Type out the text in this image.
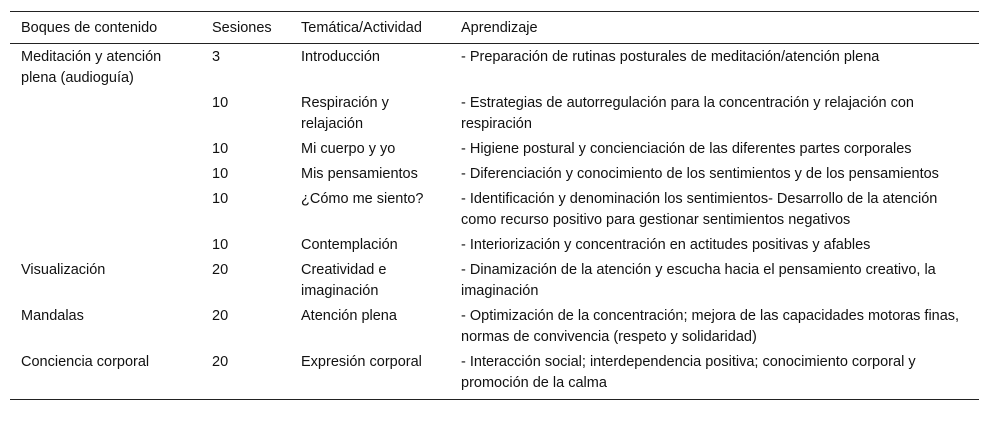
Boques de contenido	Sesiones	Temática/Actividad	Aprendizaje
Meditación y atención plena (audioguía)	3	Introducción	- Preparación de rutinas posturales de meditación/atención plena
	10	Respiración y relajación	- Estrategias de autorregulación para la concentración y relajación con respiración
	10	Mi cuerpo y yo	- Higiene postural y concienciación de las diferentes partes corporales
	10	Mis pensamientos	- Diferenciación y conocimiento de los sentimientos y de los pensamientos
	10	¿Cómo me siento?	- Identificación y denominación los sentimientos- Desarrollo de la atención como recurso positivo para gestionar sentimientos negativos
	10	Contemplación	- Interiorización y concentración en actitudes positivas y afables
Visualización	20	Creatividad e imaginación	- Dinamización de la atención y escucha hacia el pensamiento creativo, la imaginación
Mandalas	20	Atención plena	- Optimización de la concentración; mejora de las capacidades motoras finas, normas de convivencia (respeto y solidaridad)
Conciencia corporal	20	Expresión corporal	- Interacción social; interdependencia positiva; conocimiento corporal y promoción de la calma
